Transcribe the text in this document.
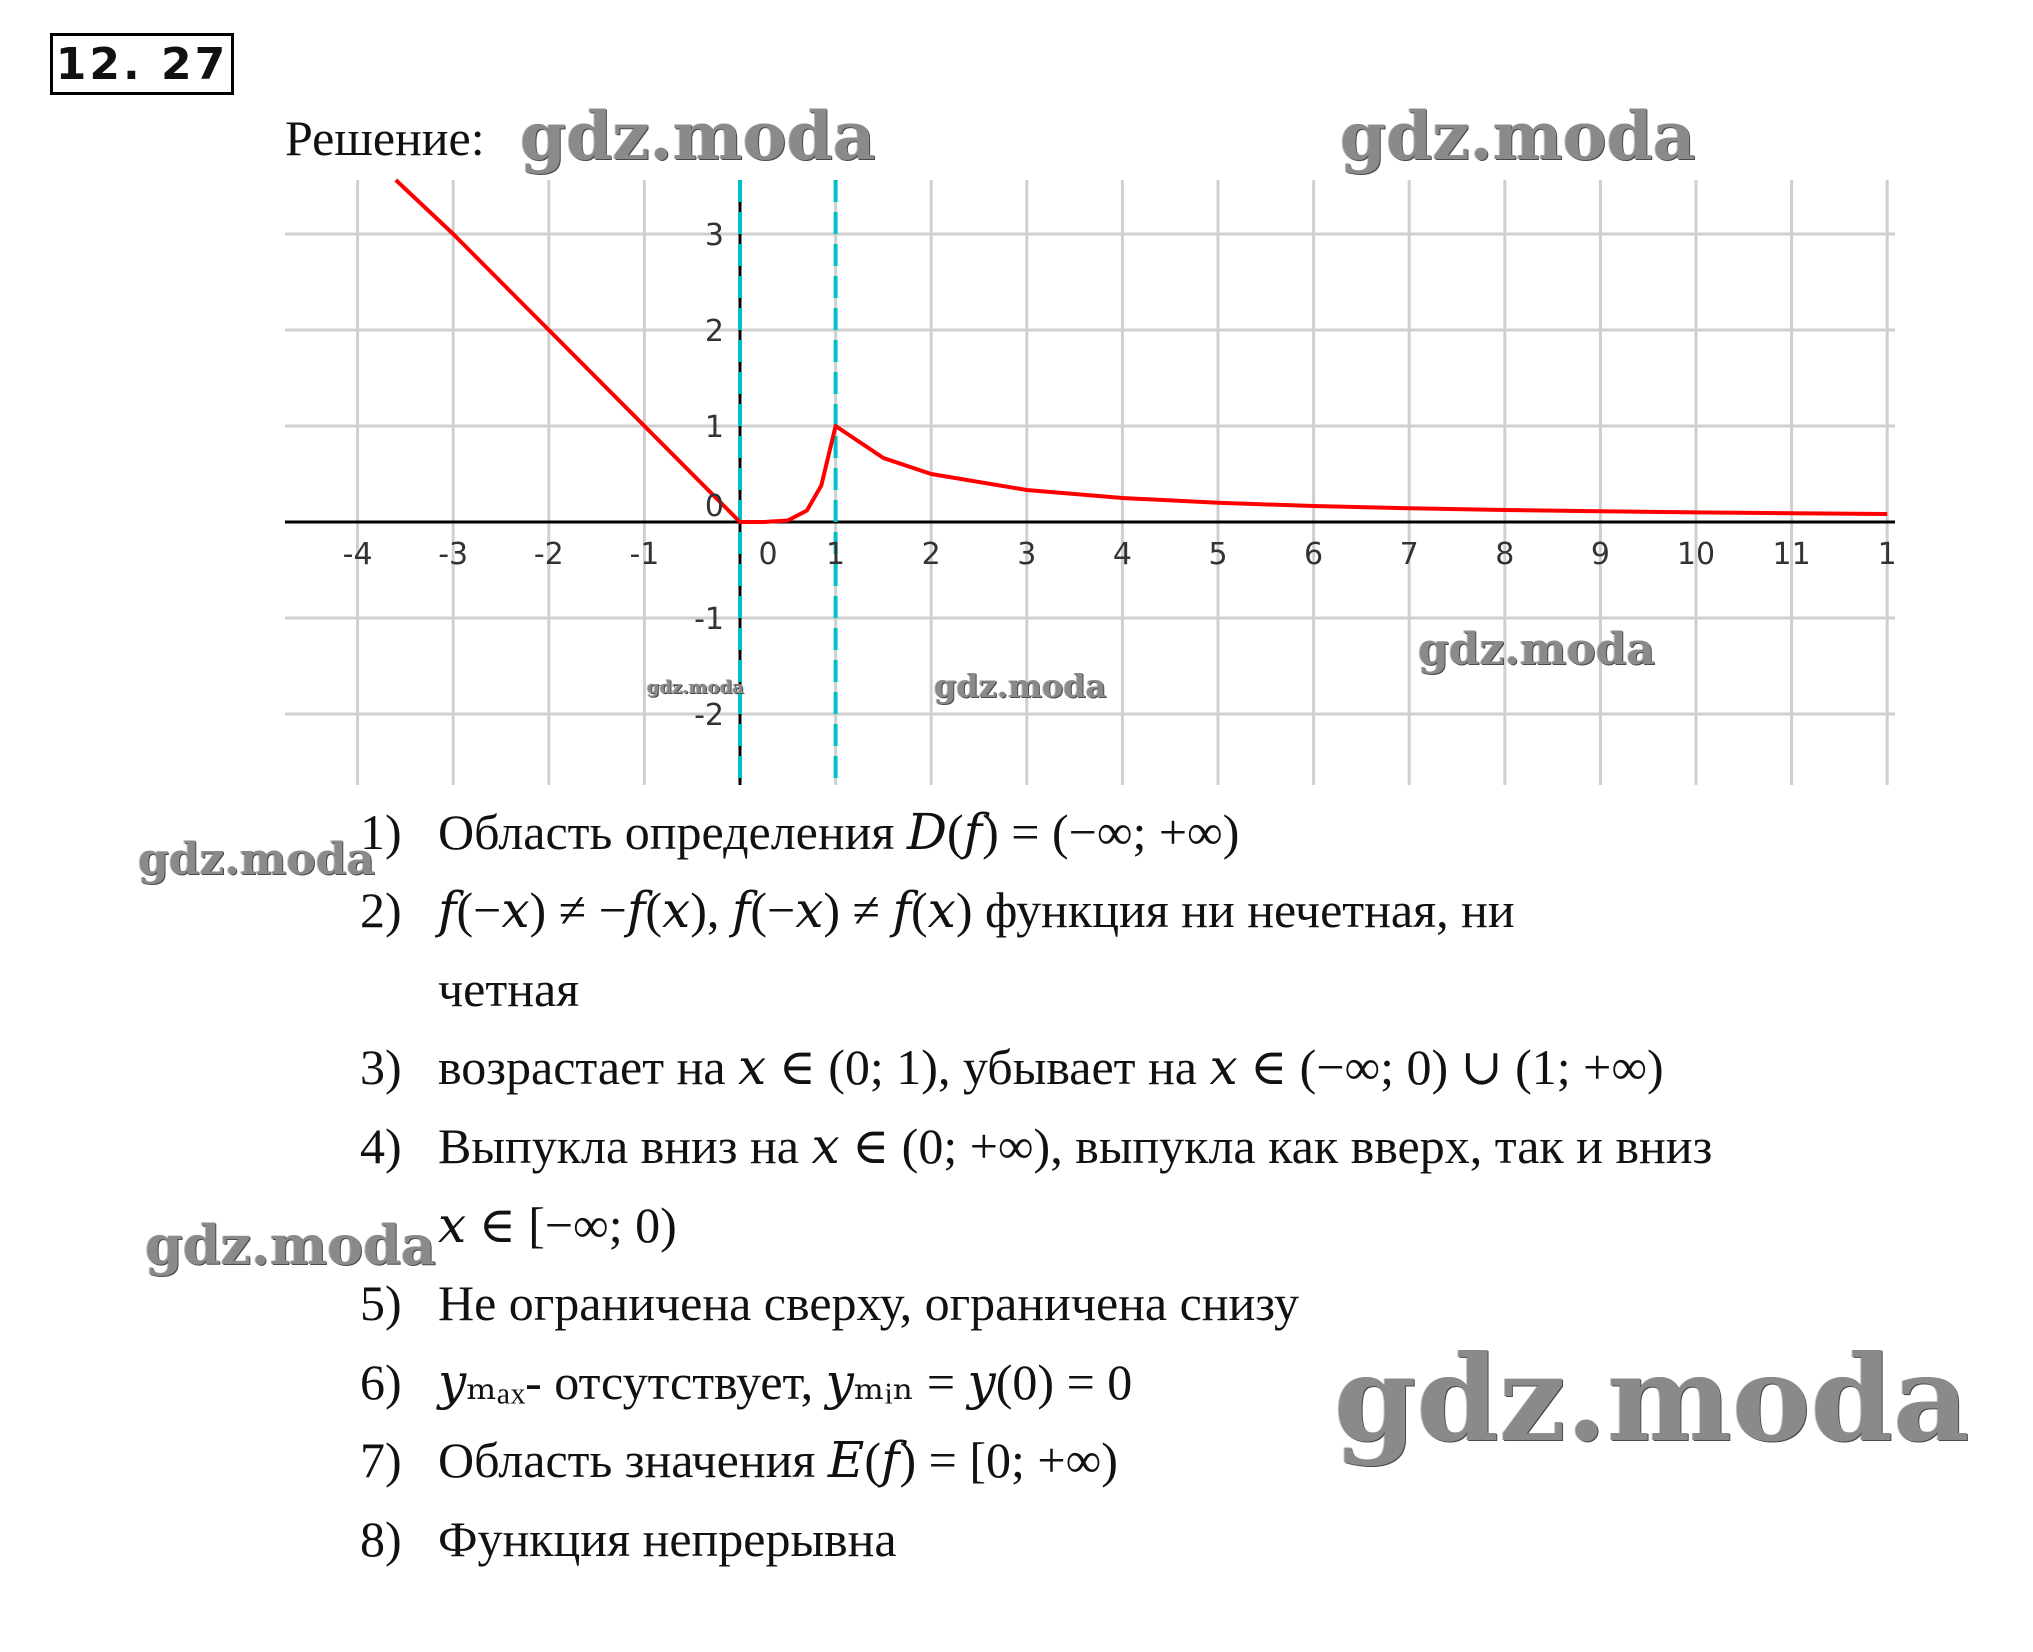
12. 27
Решение:
-4 -3 -2 -1	0 1	2	3	4	5	6	7	8	9 10 11 1
3
2
1
0
-1
-2
gdz.moda	gdz.moda
gdz.moda
gdz.moda
gdz.moda
gdz.moda
gdz.moda
gdz.moda
1) Область определения 𝐷(𝑓) = (−∞; +∞)
2) 𝑓(−𝑥) ≠ −𝑓(𝑥), 𝑓(−𝑥) ≠ 𝑓(𝑥) функция ни нечетная, ни
четная
3) возрастает на 𝑥 ∈ (0; 1), убывает на 𝑥 ∈ (−∞; 0) ∪ (1; +∞)
4) Выпукла вниз на 𝑥 ∈ (0; +∞), выпукла как вверх, так и вниз
𝑥 ∈ [−∞; 0)
5) Не ограничена сверху, ограничена снизу
6) 𝑦ₘₐₓ- отсутствует, 𝑦ₘᵢₙ = 𝑦(0) = 0
7) Область значения 𝐸(𝑓) = [0; +∞)
8) Функция непрерывна
